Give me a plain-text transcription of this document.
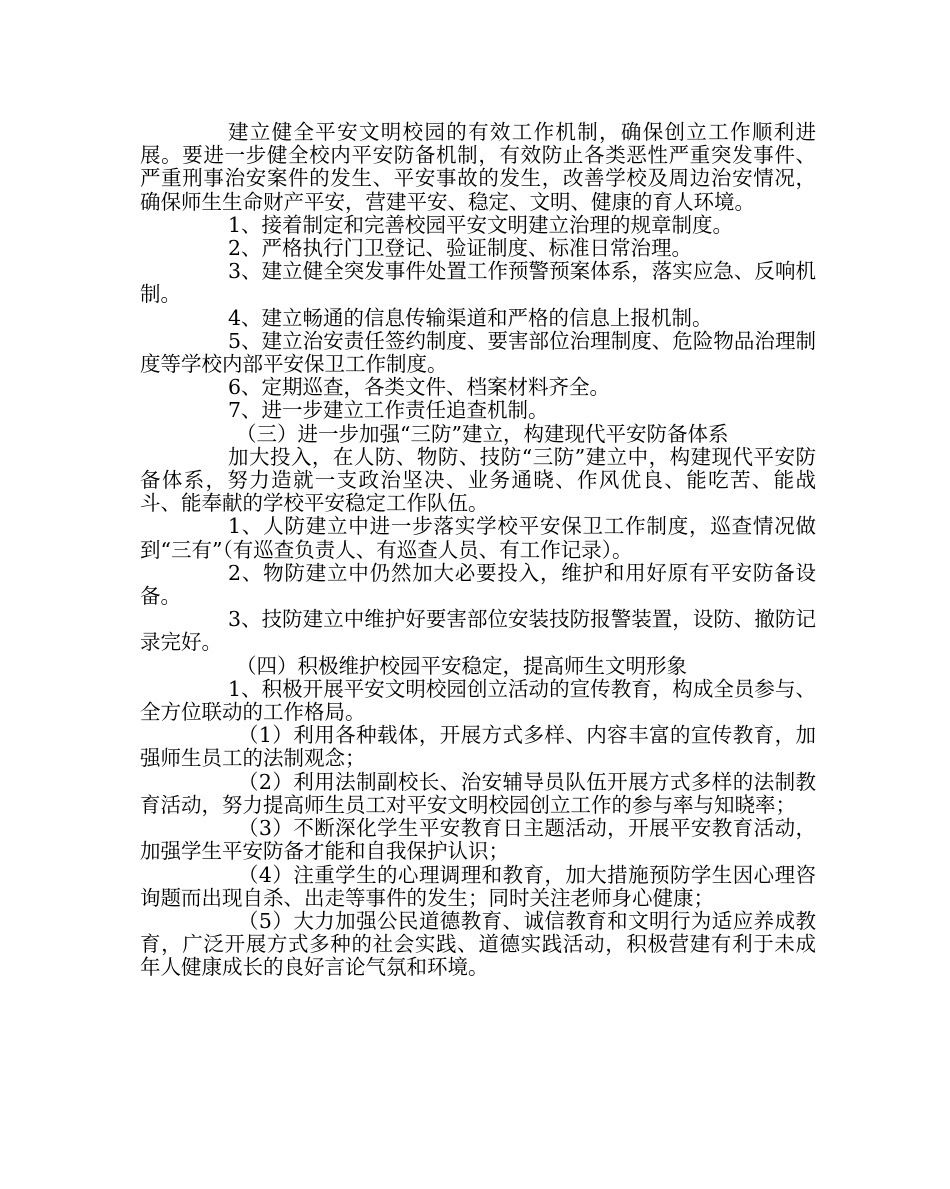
建立健全平安文明校园的有效工作机制，确保创立工作顺利进展。要进一步健全校内平安防备机制，有效防止各类恶性严重突发事件、严重刑事治安案件的发生、平安事故的发生，改善学校及周边治安情况，确保师生生命财产平安，营建平安、稳定、文明、健康的育人环境。

1、接着制定和完善校园平安文明建立治理的规章制度。

2、严格执行门卫登记、验证制度、标准日常治理。

3、建立健全突发事件处置工作预警预案体系，落实应急、反响机制。

4、建立畅通的信息传输渠道和严格的信息上报机制。

5、建立治安责任签约制度、要害部位治理制度、危险物品治理制度等学校内部平安保卫工作制度。

6、定期巡查，各类文件、档案材料齐全。

7、进一步建立工作责任追查机制。

（三）进一步加强“三防”建立，构建现代平安防备体系

加大投入，在人防、物防、技防“三防”建立中，构建现代平安防备体系，努力造就一支政治坚决、业务通晓、作风优良、能吃苦、能战斗、能奉献的学校平安稳定工作队伍。

1、人防建立中进一步落实学校平安保卫工作制度，巡查情况做到“三有”（有巡查负责人、有巡查人员、有工作记录）。

2、物防建立中仍然加大必要投入，维护和用好原有平安防备设备。

3、技防建立中维护好要害部位安装技防报警装置，设防、撤防记录完好。

（四）积极维护校园平安稳定，提高师生文明形象

1、积极开展平安文明校园创立活动的宣传教育，构成全员参与、全方位联动的工作格局。

（1）利用各种载体，开展方式多样、内容丰富的宣传教育，加强师生员工的法制观念；

（2）利用法制副校长、治安辅导员队伍开展方式多样的法制教育活动，努力提高师生员工对平安文明校园创立工作的参与率与知晓率；

（3）不断深化学生平安教育日主题活动，开展平安教育活动，加强学生平安防备才能和自我保护认识；

（4）注重学生的心理调理和教育，加大措施预防学生因心理咨询题而出现自杀、出走等事件的发生；同时关注老师身心健康；

（5）大力加强公民道德教育、诚信教育和文明行为适应养成教育，广泛开展方式多种的社会实践、道德实践活动，积极营建有利于未成年人健康成长的良好言论气氛和环境。
